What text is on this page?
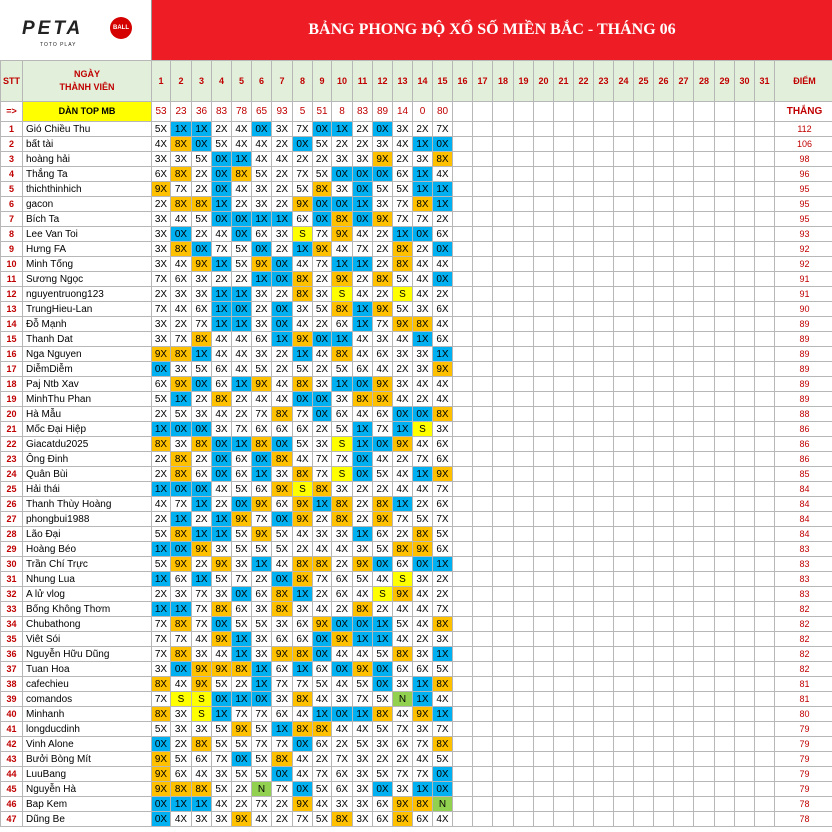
PETA	BALL
TOTO PLAY
BẢNG PHONG ĐỘ XỔ SỐ MIỀN BẮC - THÁNG 06
STT	NGÀY
THÀNH VIÊN	1	2	3	4	5	6	7	8	9	10	11	12	13	14	15	16	17	18	19	20	21	22	23	24	25	26	27	28	29	30	31	ĐIỂM
=>	DÀN TOP MB	53	23	36	83	78	65	93	5	51	8	83	89	14	0	80																	THẮNG
1	Gió Chiều Thu	5X	1X	1X	2X	4X	0X	3X	7X	0X	1X	2X	0X	3X	2X	7X																	112
2	bất tài	4X	8X	0X	5X	4X	4X	2X	0X	5X	2X	2X	3X	4X	1X	0X																	106
3	hoàng hải	3X	3X	5X	0X	1X	4X	4X	2X	2X	3X	3X	9X	2X	3X	8X																	98
4	Thắng Ta	6X	8X	2X	0X	8X	5X	2X	7X	5X	0X	0X	0X	6X	1X	4X																	96
5	thichthinhich	9X	7X	2X	0X	4X	3X	2X	5X	8X	3X	0X	5X	5X	1X	1X																	95
6	gacon	2X	8X	8X	1X	2X	3X	2X	9X	0X	0X	1X	3X	7X	8X	1X																	95
7	Bích Ta	3X	4X	5X	0X	0X	1X	1X	6X	0X	8X	0X	9X	7X	7X	2X																	95
8	Lee Van Toi	3X	0X	2X	4X	0X	6X	3X	S	7X	9X	4X	2X	1X	0X	6X																	93
9	Hưng FA	3X	8X	0X	7X	5X	0X	2X	1X	9X	4X	7X	2X	8X	2X	0X																	92
10	Minh Tống	3X	4X	9X	1X	5X	9X	0X	4X	7X	1X	1X	2X	8X	4X	4X																	92
11	Sương Ngọc	7X	6X	3X	2X	2X	1X	0X	8X	2X	9X	2X	8X	5X	4X	0X																	91
12	nguyentruong123	2X	3X	3X	1X	1X	3X	2X	8X	3X	S	4X	2X	S	4X	2X																	91
13	TrungHieu-Lan	7X	4X	6X	1X	0X	2X	0X	3X	5X	8X	1X	9X	5X	3X	6X																	90
14	Đỗ Mạnh	3X	2X	7X	1X	1X	3X	0X	4X	2X	6X	1X	7X	9X	8X	4X																	89
15	Thanh Dat	3X	7X	8X	4X	4X	6X	1X	9X	0X	1X	4X	3X	4X	1X	6X																	89
16	Nga Nguyen	9X	8X	1X	4X	4X	3X	2X	1X	4X	8X	4X	6X	3X	3X	1X																	89
17	DiễmDiễm	0X	3X	5X	6X	4X	5X	2X	5X	2X	5X	6X	4X	2X	3X	9X																	89
18	Paj Ntb Xav	6X	9X	0X	6X	1X	9X	4X	8X	3X	1X	0X	9X	3X	4X	4X																	89
19	MinhThu Phan	5X	1X	2X	8X	2X	4X	4X	0X	0X	3X	8X	9X	4X	2X	4X																	89
20	Hà Mẫu	2X	5X	3X	4X	2X	7X	8X	7X	0X	6X	4X	6X	0X	0X	8X																	88
21	Mốc Đại Hiệp	1X	0X	0X	3X	7X	6X	6X	6X	2X	5X	1X	7X	1X	S	3X																	86
22	Giacatdu2025	8X	3X	8X	0X	1X	8X	0X	5X	3X	S	1X	0X	9X	4X	6X																	86
23	Ông Đinh	2X	8X	2X	0X	6X	0X	8X	4X	7X	7X	0X	4X	2X	7X	6X																	86
24	Quân Bùi	2X	8X	6X	0X	6X	1X	3X	8X	7X	S	0X	5X	4X	1X	9X																	85
25	Hải thái	1X	0X	0X	4X	5X	6X	9X	S	8X	3X	2X	2X	4X	4X	7X																	84
26	Thanh Thùy Hoàng	4X	7X	1X	2X	0X	9X	6X	9X	1X	8X	2X	8X	1X	2X	6X																	84
27	phongbui1988	2X	1X	2X	1X	9X	7X	0X	9X	2X	8X	2X	9X	7X	5X	7X																	84
28	Lão Đại	5X	8X	1X	1X	5X	9X	5X	4X	3X	3X	1X	6X	2X	8X	5X																	84
29	Hoàng Béo	1X	0X	9X	3X	5X	5X	5X	2X	4X	4X	3X	5X	8X	9X	6X																	83
30	Trần Chí Trực	5X	9X	2X	9X	3X	1X	4X	8X	8X	2X	9X	0X	6X	0X	1X																	83
31	Nhung Lua	1X	6X	1X	5X	7X	2X	0X	8X	7X	6X	5X	4X	S	3X	2X																	83
32	A lử vlog	2X	3X	7X	3X	0X	6X	8X	1X	2X	6X	4X	S	9X	4X	2X																	83
33	Bống Không Thơm	1X	1X	7X	8X	6X	3X	8X	3X	4X	2X	8X	2X	4X	4X	7X																	82
34	Chubathong	7X	8X	7X	0X	5X	5X	3X	6X	9X	0X	0X	1X	5X	4X	8X																	82
35	Viêt Sói	7X	7X	4X	9X	1X	3X	6X	6X	0X	9X	1X	1X	4X	2X	3X																	82
36	Nguyễn Hữu Dũng	7X	8X	3X	4X	1X	3X	9X	8X	0X	4X	4X	5X	8X	3X	1X																	82
37	Tuan Hoa	3X	0X	9X	9X	8X	1X	6X	1X	6X	0X	9X	0X	6X	6X	5X																	82
38	cafechieu	8X	4X	9X	5X	2X	1X	7X	7X	5X	4X	5X	0X	3X	1X	8X																	81
39	comandos	7X	S	S	0X	1X	0X	3X	8X	4X	3X	7X	5X	N	1X	4X																	81
40	Minhanh	8X	3X	S	1X	7X	7X	6X	4X	1X	0X	1X	8X	4X	9X	1X																	80
41	longducdinh	5X	3X	3X	5X	9X	5X	1X	8X	8X	4X	4X	5X	7X	3X	7X																	79
42	Vinh Alone	0X	2X	8X	5X	5X	7X	7X	0X	6X	2X	5X	3X	6X	7X	8X																	79
43	Bưởi Bòng Mít	9X	5X	6X	7X	0X	5X	8X	4X	2X	7X	3X	2X	2X	4X	5X																	79
44	LuuBang	9X	6X	4X	3X	5X	5X	0X	4X	7X	6X	3X	5X	7X	7X	0X																	79
45	Nguyễn Hà	9X	8X	8X	5X	2X	N	7X	0X	5X	6X	3X	0X	3X	1X	0X																	79
46	Bap Kem	0X	1X	1X	4X	2X	7X	2X	9X	4X	3X	3X	6X	9X	8X	N																	78
47	Dũng Be	0X	4X	3X	3X	9X	4X	2X	7X	5X	8X	3X	6X	8X	6X	4X																	78
